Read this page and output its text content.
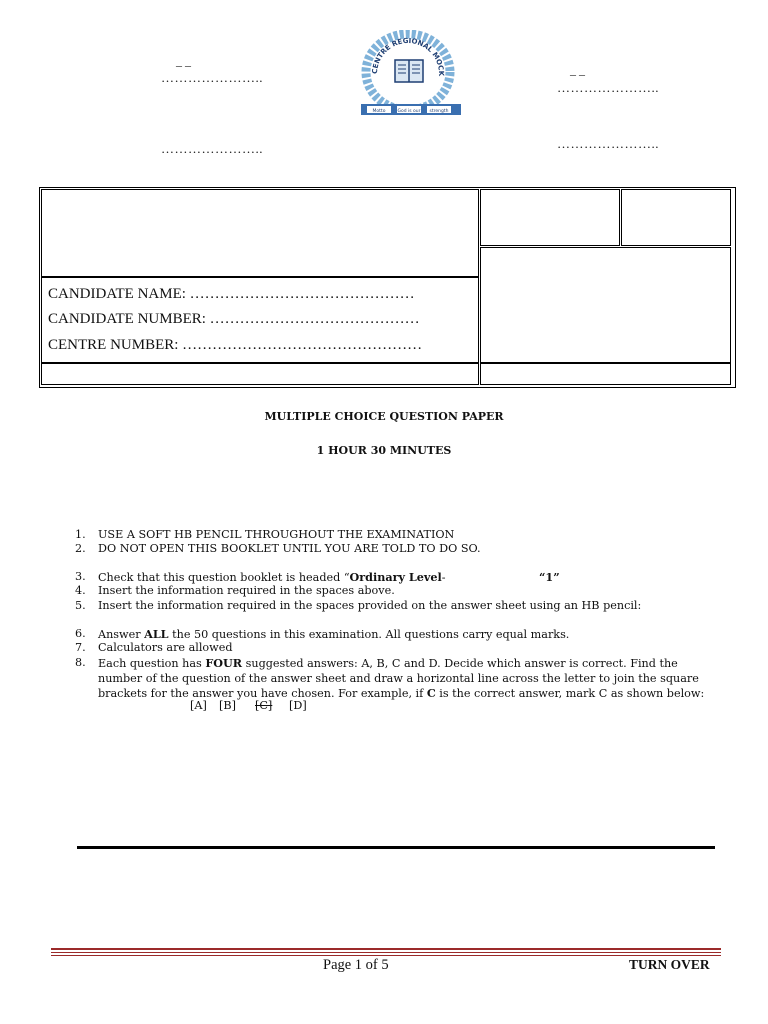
– –
…………………..
…………………..
– –
…………………..
…………………..
CENTRE REGIONAL MOCK
Motto	God is our strength
CANDIDATE NAME: ………………………………………
CANDIDATE NUMBER: ……………………………………
CENTRE NUMBER: …………………………………………
MULTIPLE CHOICE QUESTION PAPER
1 HOUR 30 MINUTES
1.	USE A SOFT HB PENCIL THROUGHOUT THE EXAMINATION
2.	DO NOT OPEN THIS BOOKLET UNTIL YOU ARE TOLD TO DO SO.
3.	Check that this question booklet is headed “Ordinary Level-	“1”
4.	Insert the information required in the spaces above.
5.	Insert the information required in the spaces provided on the answer sheet using an HB pencil:
6.	Answer ALL the 50 questions in this examination. All questions carry equal marks.
7.	Calculators are allowed
8.	Each question has FOUR suggested answers: A, B, C and D. Decide which answer is correct. Find the number of the question of the answer sheet and draw a horizontal line across the letter to join the square brackets for the answer you have chosen. For example, if C is the correct answer, mark C as shown below:
[A] [B] [C] [D]
Page 1 of 5	TURN OVER
